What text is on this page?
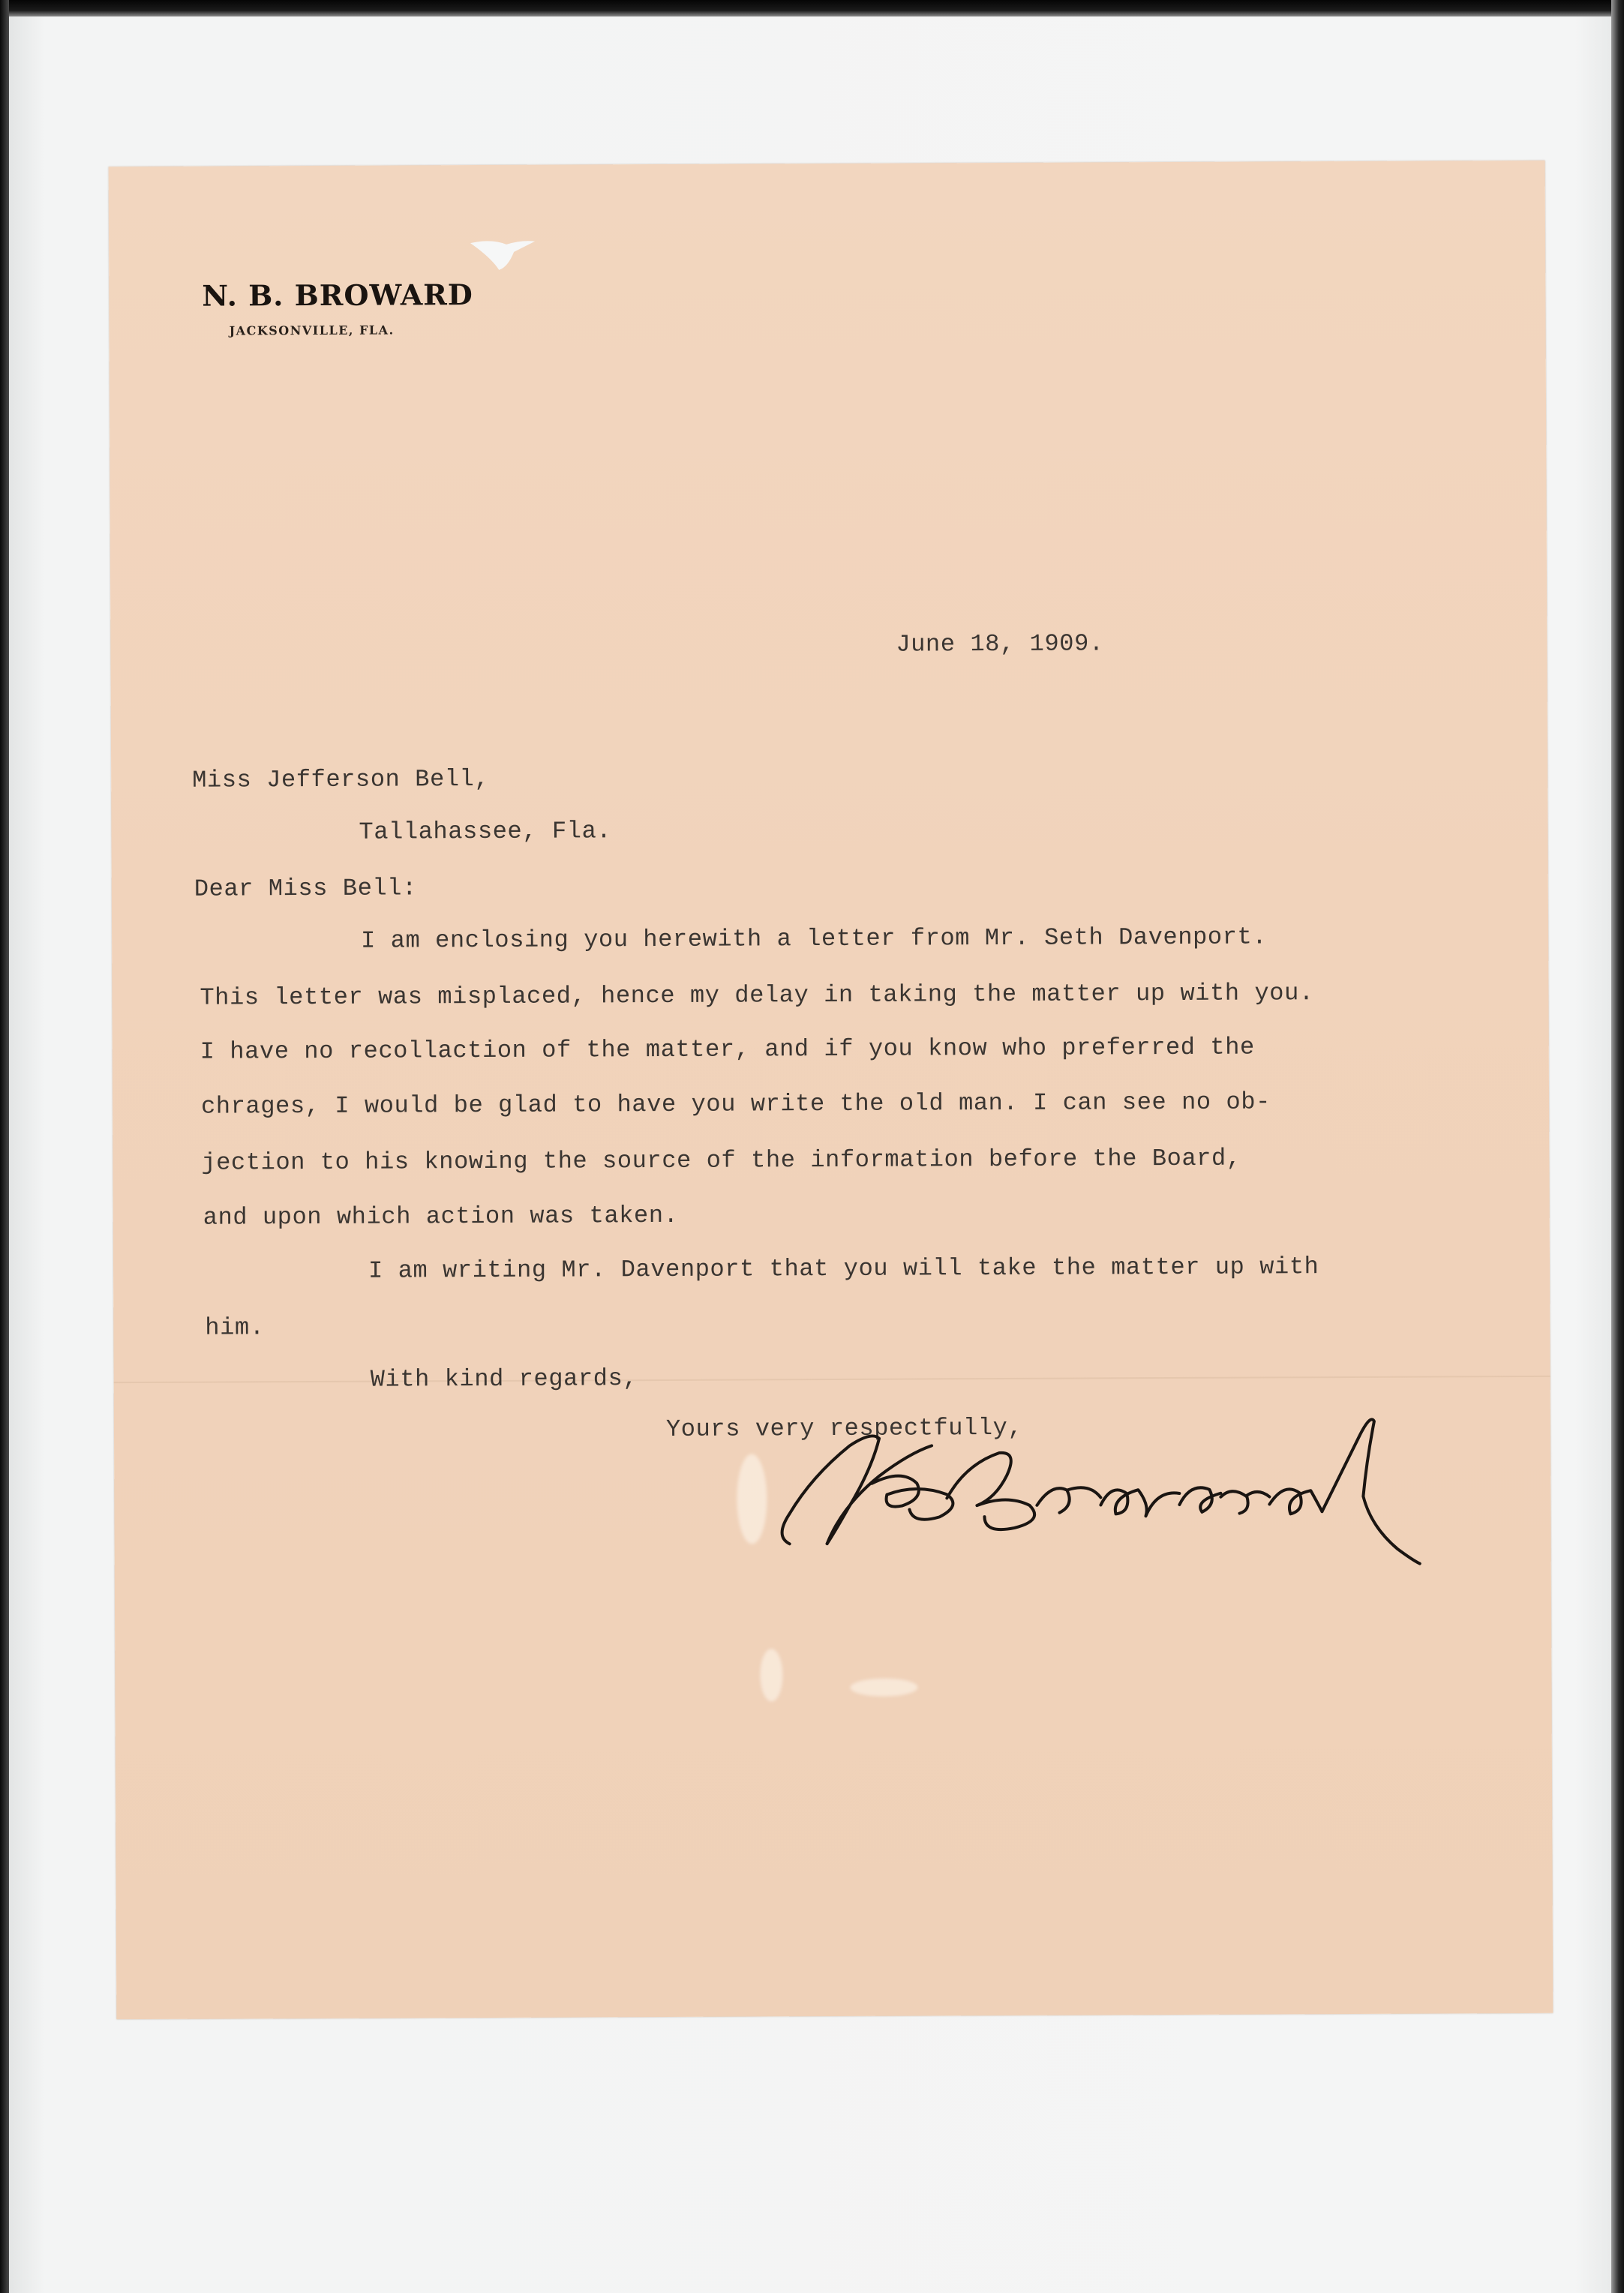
N. B. BROWARD
JACKSONVILLE, FLA.
June 18, 1909.
Miss Jefferson Bell,
Tallahassee, Fla.
Dear Miss Bell:
I am enclosing you herewith a letter from Mr. Seth Davenport.
This letter was misplaced, hence my delay in taking the matter up with you.
I have no recollaction of the matter, and if you know who preferred the
chrages, I would be glad to have you write the old man. I can see no ob-
jection to his knowing the source of the information before the Board,
and upon which action was taken.
I am writing Mr. Davenport that you will take the matter up with
him.
With kind regards,
Yours very respectfully,
